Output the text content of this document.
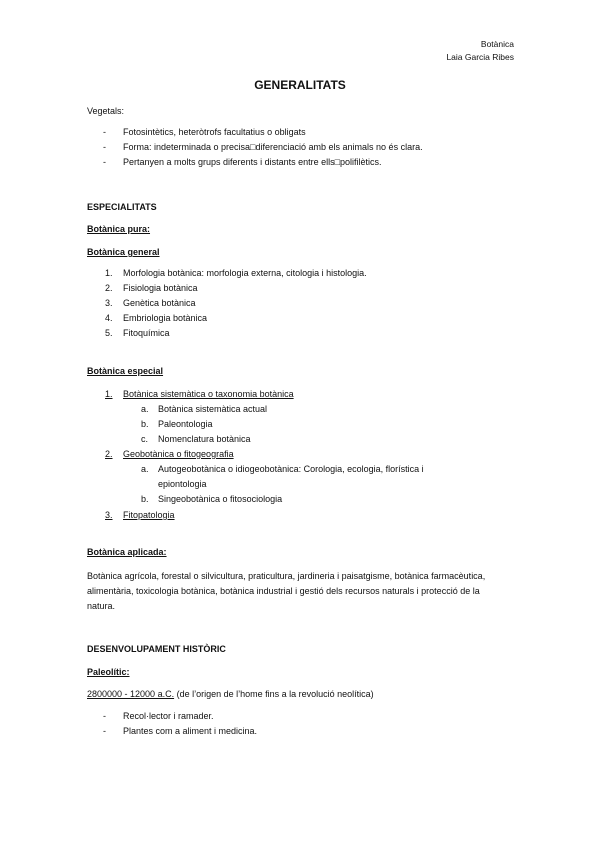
Botànica
Laia Garcia Ribes
GENERALITATS
Vegetals:
- Fotosintètics, heteròtrofs facultatius o obligats
- Forma: indeterminada o precisa□diferenciació amb els animals no és clara.
- Pertanyen a molts grups diferents i distants entre ells□polifilètics.
ESPECIALITATS
Botànica pura:
Botànica general
1. Morfologia botànica: morfologia externa, citologia i histologia.
2. Fisiologia botànica
3. Genètica botànica
4. Embriologia botànica
5. Fitoquímica
Botànica especial
1. Botànica sistemàtica o taxonomia botànica
a. Botànica sistemàtica actual
b. Paleontologia
c. Nomenclatura botànica
2. Geobotànica o fitogeografia
a. Autogeobotànica o idiogeobotànica: Corologia, ecologia, florística i
epiontologia
b. Singeobotànica o fitosociologia
3. Fitopatologia
Botànica aplicada:
Botànica agrícola, forestal o silvicultura, praticultura, jardineria i paisatgisme, botànica farmacèutica, alimentària, toxicologia botànica, botànica industrial i gestió dels recursos naturals i protecció de la natura.
DESENVOLUPAMENT HISTÒRIC
Paleolític:
2800000 - 12000 a.C. (de l’origen de l’home fins a la revolució neolítica)
- Recol·lector i ramader.
- Plantes com a aliment i medicina.
